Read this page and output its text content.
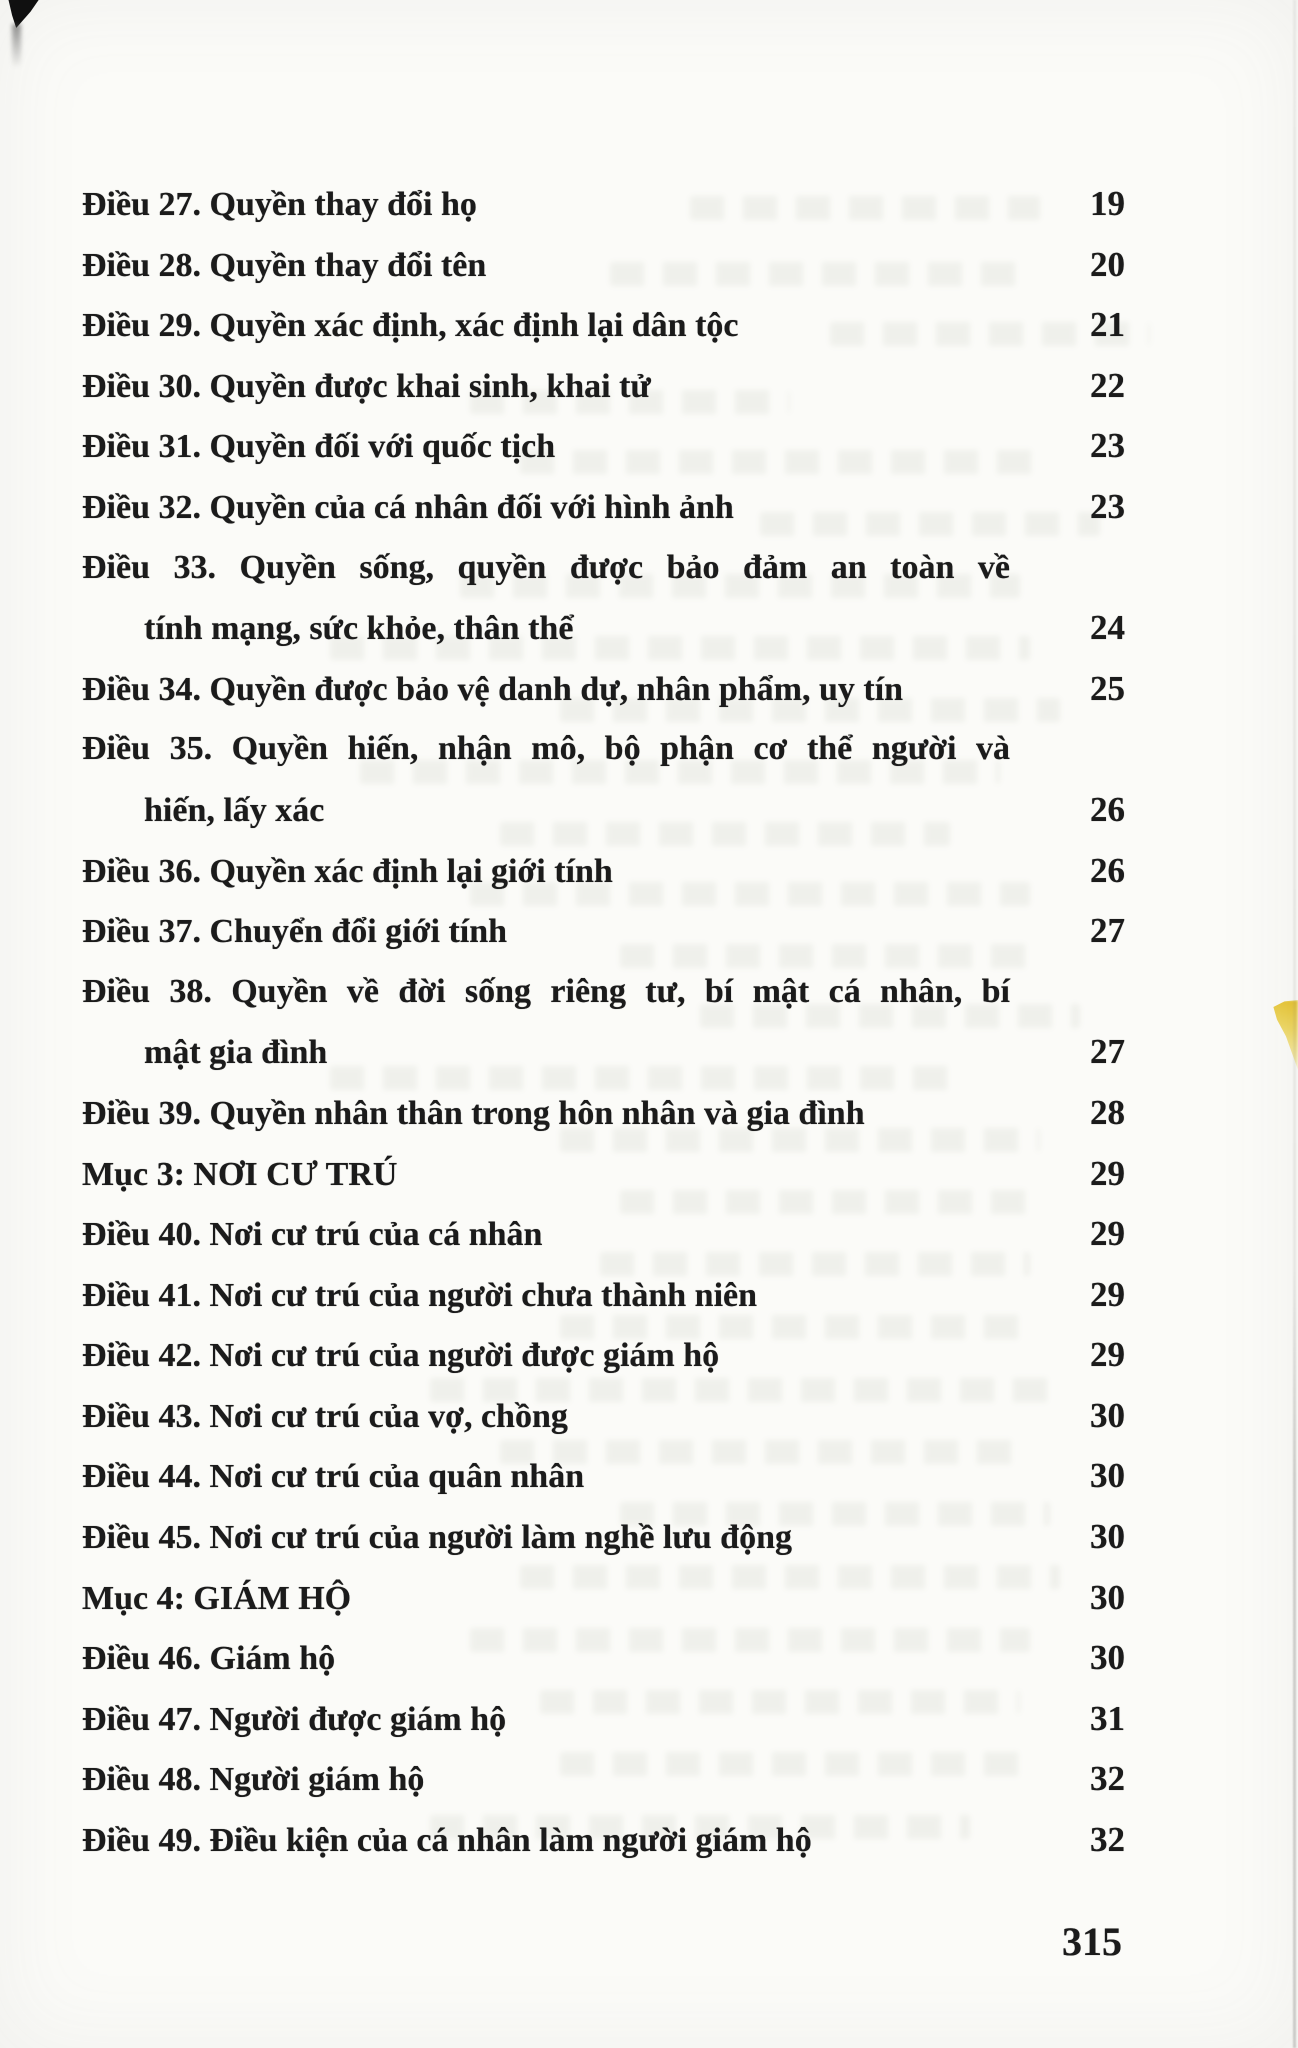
Điều 27. Quyền thay đổi họ	19
Điều 28. Quyền thay đổi tên	20
Điều 29. Quyền xác định, xác định lại dân tộc	21
Điều 30. Quyền được khai sinh, khai tử	22
Điều 31. Quyền đối với quốc tịch	23
Điều 32. Quyền của cá nhân đối với hình ảnh	23
Điều 33. Quyền sống, quyền được bảo đảm an toàn về
tính mạng, sức khỏe, thân thể	24
Điều 34. Quyền được bảo vệ danh dự, nhân phẩm, uy tín	25
Điều 35. Quyền hiến, nhận mô, bộ phận cơ thể người và
hiến, lấy xác	26
Điều 36. Quyền xác định lại giới tính	26
Điều 37. Chuyển đổi giới tính	27
Điều 38. Quyền về đời sống riêng tư, bí mật cá nhân, bí
mật gia đình	27
Điều 39. Quyền nhân thân trong hôn nhân và gia đình	28
Mục 3: NƠI CƯ TRÚ	29
Điều 40. Nơi cư trú của cá nhân	29
Điều 41. Nơi cư trú của người chưa thành niên	29
Điều 42. Nơi cư trú của người được giám hộ	29
Điều 43. Nơi cư trú của vợ, chồng	30
Điều 44. Nơi cư trú của quân nhân	30
Điều 45. Nơi cư trú của người làm nghề lưu động	30
Mục 4: GIÁM HỘ	30
Điều 46. Giám hộ	30
Điều 47. Người được giám hộ	31
Điều 48. Người giám hộ	32
Điều 49. Điều kiện của cá nhân làm người giám hộ	32
315
